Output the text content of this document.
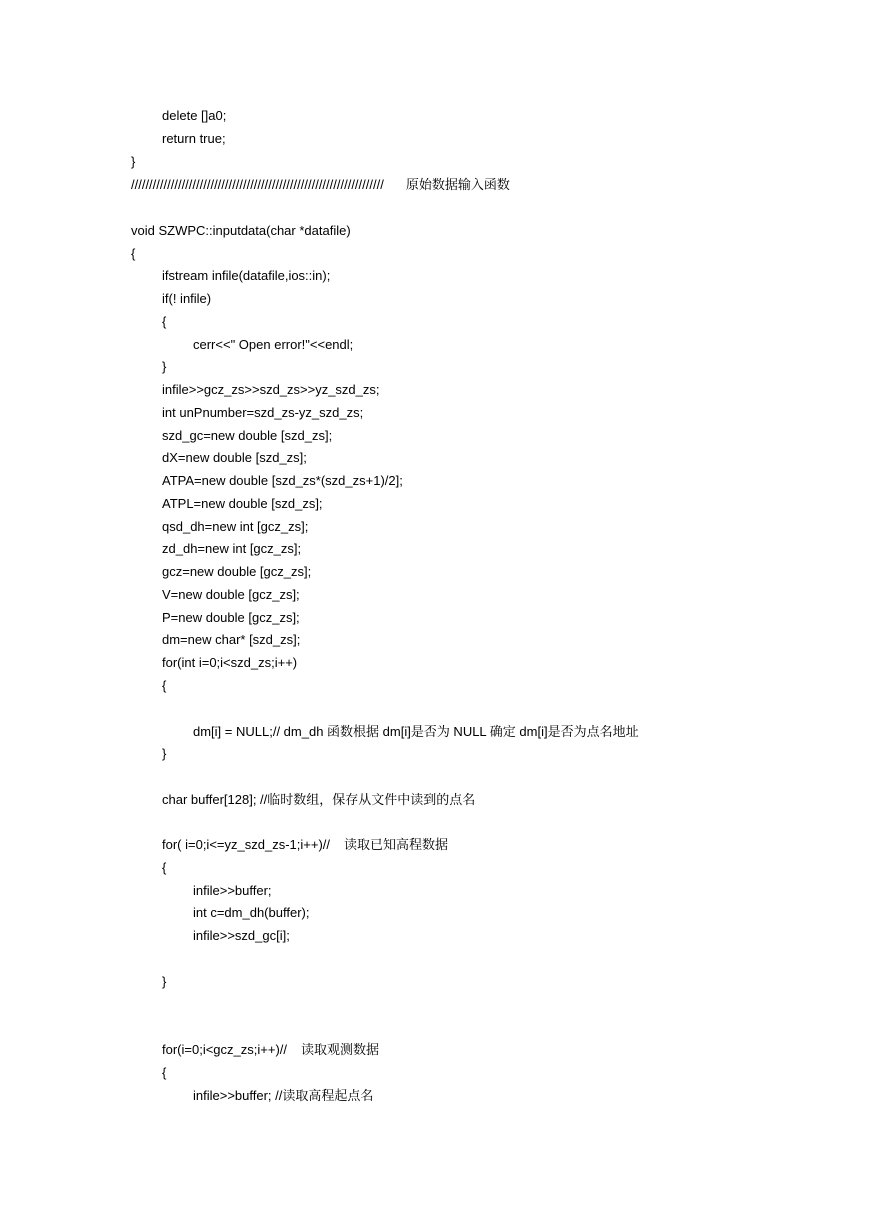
delete []a0;
return true;
}
////////////////////////////////////////////////////////////////////// 原始数据输入函数
void SZWPC::inputdata(char *datafile)
{
ifstream infile(datafile,ios::in);
if(! infile)
{
cerr<<" Open error!"<<endl;
}
infile>>gcz_zs>>szd_zs>>yz_szd_zs;
int unPnumber=szd_zs-yz_szd_zs;
szd_gc=new double [szd_zs];
dX=new double [szd_zs];
ATPA=new double [szd_zs*(szd_zs+1)/2];
ATPL=new double [szd_zs];
qsd_dh=new int [gcz_zs];
zd_dh=new int [gcz_zs];
gcz=new double [gcz_zs];
V=new double [gcz_zs];
P=new double [gcz_zs];
dm=new char* [szd_zs];
for(int i=0;i<szd_zs;i++)
{
dm[i] = NULL;// dm_dh 函数根据 dm[i]是否为 NULL 确定 dm[i]是否为点名地址
}
char buffer[128]; //临时数组，保存从文件中读到的点名
for( i=0;i<=yz_szd_zs-1;i++)// 读取已知高程数据
{
infile>>buffer;
int c=dm_dh(buffer);
infile>>szd_gc[i];
}
for(i=0;i<gcz_zs;i++)// 读取观测数据
{
infile>>buffer; //读取高程起点名
